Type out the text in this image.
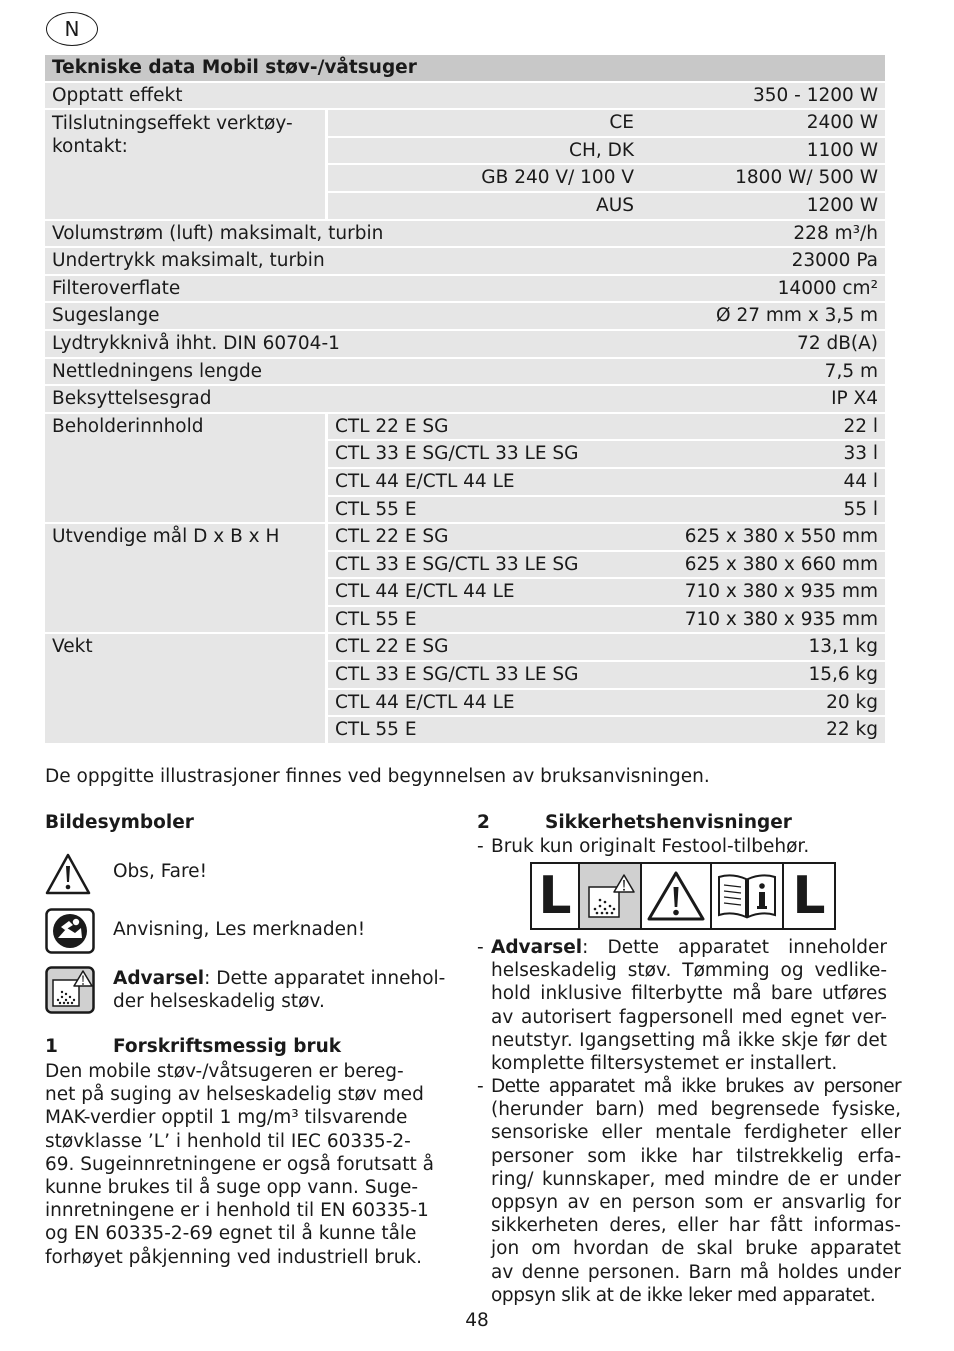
N
Tekniske data Mobil støv-/våtsuger		
Opptatt effekt		350 - 1200 W
Tilslutningseffekt verktøy-kontakt:	CE	2400 W
	CH, DK	1100 W
	GB 240 V/ 100 V	1800 W/ 500 W
	AUS	1200 W
Volumstrøm (luft) maksimalt, turbin		228 m³/h
Undertrykk maksimalt, turbin		23000 Pa
Filteroverflate		14000 cm²
Sugeslange		Ø 27 mm x 3,5 m
Lydtrykknivå ihht. DIN 60704-1		72 dB(A)
Nettledningens lengde		7,5 m
Beksyttelsesgrad		IP X4
Beholderinnhold	CTL 22 E SG	22 l
	CTL 33 E SG/CTL 33 LE SG	33 l
	CTL 44 E/CTL 44 LE	44 l
	CTL 55 E	55 l
Utvendige mål D x B x H	CTL 22 E SG	625 x 380 x 550 mm
	CTL 33 E SG/CTL 33 LE SG	625 x 380 x 660 mm
	CTL 44 E/CTL 44 LE	710 x 380 x 935 mm
	CTL 55 E	710 x 380 x 935 mm
Vekt	CTL 22 E SG	13,1 kg
	CTL 33 E SG/CTL 33 LE SG	15,6 kg
	CTL 44 E/CTL 44 LE	20 kg
	CTL 55 E	22 kg
De oppgitte illustrasjoner finnes ved begynnelsen av bruksanvisningen.
Bildesymboler
Obs, Fare!
Anvisning, Les merknaden!
Advarsel: Dette apparatet innehol-
der helseskadelig støv.
1	Forskriftsmessig bruk
Den mobile støv-/våtsugeren er bereg-
net på suging av helseskadelig støv med
MAK-verdier opptil 1 mg/m³ tilsvarende
støvklasse ’L’ i henhold til IEC 60335-2-
69. Sugeinnretningene er også forutsatt å
kunne brukes til å suge opp vann. Suge-
innretningene er i henhold til EN 60335-1
og EN 60335-2-69 egnet til å kunne tåle
forhøyet påkjenning ved industriell bruk.
2	Sikkerhetshenvisninger
- Bruk kun originalt Festool-tilbehør.
L	L
- Advarsel : Dette apparatet inneholder
helseskadelig støv. Tømming og vedlike-
hold inklusive filterbytte må bare utføres
av autorisert fagpersonell med egnet ver-
neutstyr. Igangsetting må ikke skje før det
komplette filtersystemet er installert.
- Dette apparatet må ikke brukes av personer
(herunder barn) med begrensede fysiske,
sensoriske eller mentale ferdigheter eller
personer som ikke har tilstrekkelig erfa-
ring/ kunnskaper, med mindre de er under
oppsyn av en person som er ansvarlig for
sikkerheten deres, eller har fått informas-
jon om hvordan de skal bruke apparatet
av denne personen. Barn må holdes under
oppsyn slik at de ikke leker med apparatet.
48
